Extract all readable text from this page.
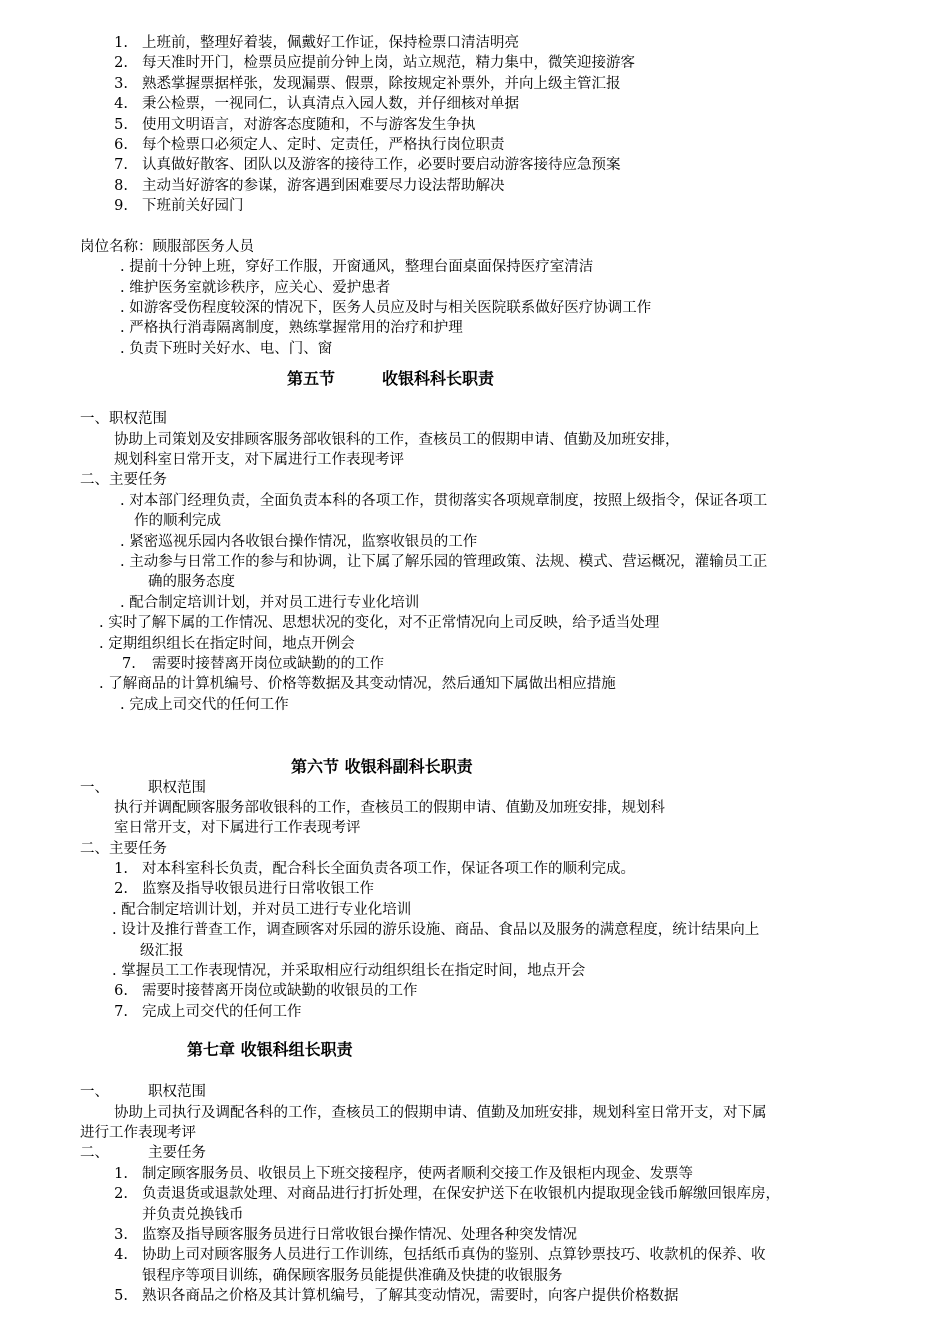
1. 上班前，整理好着装，佩戴好工作证，保持检票口清洁明亮
2. 每天准时开门，检票员应提前分钟上岗，站立规范，精力集中，微笑迎接游客
3. 熟悉掌握票据样张，发现漏票、假票，除按规定补票外，并向上级主管汇报
4. 秉公检票，一视同仁，认真清点入园人数，并仔细核对单据
5. 使用文明语言，对游客态度随和，不与游客发生争执
6. 每个检票口必须定人、定时、定责任，严格执行岗位职责
7. 认真做好散客、团队以及游客的接待工作，必要时要启动游客接待应急预案
8. 主动当好游客的参谋，游客遇到困难要尽力设法帮助解决
9. 下班前关好园门
岗位名称：顾服部医务人员
. 提前十分钟上班，穿好工作服，开窗通风，整理台面桌面保持医疗室清洁
. 维护医务室就诊秩序，应关心、爱护患者
. 如游客受伤程度较深的情况下，医务人员应及时与相关医院联系做好医疗协调工作
. 严格执行消毒隔离制度，熟练掌握常用的治疗和护理
. 负责下班时关好水、电、门、窗
第五节	收银科科长职责
一、职权范围
协助上司策划及安排顾客服务部收银科的工作，查核员工的假期申请、值勤及加班安排，
规划科室日常开支，对下属进行工作表现考评
二、主要任务
. 对本部门经理负责，全面负责本科的各项工作，贯彻落实各项规章制度，按照上级指令，保证各项工
作的顺利完成
. 紧密巡视乐园内各收银台操作情况，监察收银员的工作
. 主动参与日常工作的参与和协调，让下属了解乐园的管理政策、法规、模式、营运概况，灌输员工正
确的服务态度
. 配合制定培训计划，并对员工进行专业化培训
. 实时了解下属的工作情况、思想状况的变化，对不正常情况向上司反映，给予适当处理
. 定期组织组长在指定时间，地点开例会
7. 需要时接替离开岗位或缺勤的的工作
. 了解商品的计算机编号、价格等数据及其变动情况，然后通知下属做出相应措施
. 完成上司交代的任何工作
第六节 收银科副科长职责
一、	职权范围
执行并调配顾客服务部收银科的工作，查核员工的假期申请、值勤及加班安排，规划科
室日常开支，对下属进行工作表现考评
二、主要任务
1. 对本科室科长负责，配合科长全面负责各项工作，保证各项工作的顺利完成。
2. 监察及指导收银员进行日常收银工作
. 配合制定培训计划，并对员工进行专业化培训
. 设计及推行普查工作，调查顾客对乐园的游乐设施、商品、食品以及服务的满意程度，统计结果向上
级汇报
. 掌握员工工作表现情况，并采取相应行动组织组长在指定时间，地点开会
6. 需要时接替离开岗位或缺勤的收银员的工作
7. 完成上司交代的任何工作
第七章 收银科组长职责
一、	职权范围
协助上司执行及调配各科的工作，查核员工的假期申请、值勤及加班安排，规划科室日常开支，对下属
进行工作表现考评
二、	主要任务
1. 制定顾客服务员、收银员上下班交接程序，使两者顺利交接工作及银柜内现金、发票等
2. 负责退货或退款处理、对商品进行打折处理，在保安护送下在收银机内提取现金钱币解缴回银库房，
并负责兑换钱币
3. 监察及指导顾客服务员进行日常收银台操作情况、处理各种突发情况
4. 协助上司对顾客服务人员进行工作训练，包括纸币真伪的鉴别、点算钞票技巧、收款机的保养、收
银程序等项目训练，确保顾客服务员能提供准确及快捷的收银服务
5. 熟识各商品之价格及其计算机编号，了解其变动情况，需要时，向客户提供价格数据
